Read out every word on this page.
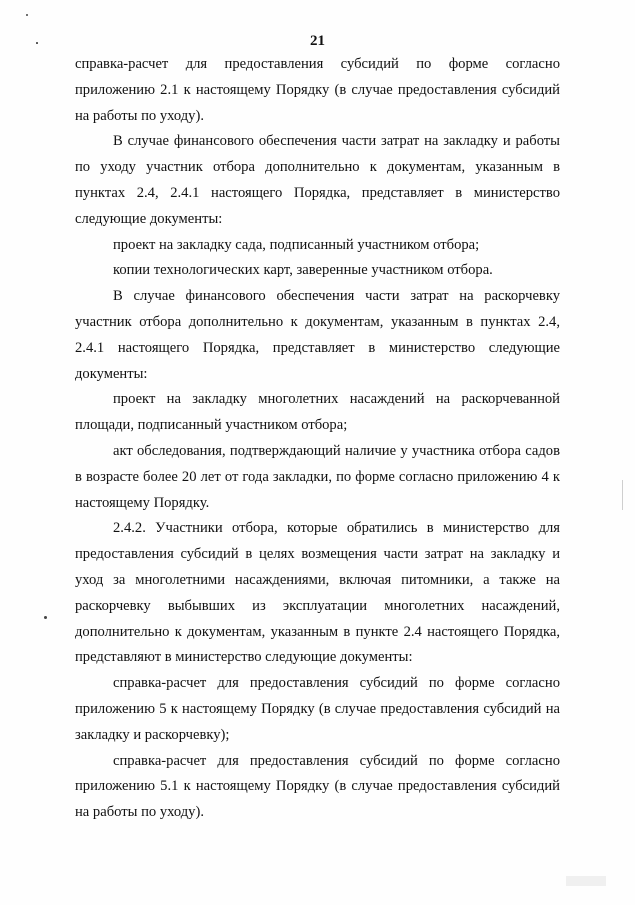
21

справка-расчет для предоставления субсидий по форме согласно приложению 2.1 к настоящему Порядку (в случае предоставления субсидий на работы по уходу).

В случае финансового обеспечения части затрат на закладку и работы по уходу участник отбора дополнительно к документам, указанным в пунктах 2.4, 2.4.1 настоящего Порядка, представляет в министерство следующие документы:

проект на закладку сада, подписанный участником отбора;

копии технологических карт, заверенные участником отбора.

В случае финансового обеспечения части затрат на раскорчевку участник отбора дополнительно к документам, указанным в пунктах 2.4, 2.4.1 настоящего Порядка, представляет в министерство следующие документы:

проект на закладку многолетних насаждений на раскорчеванной площади, подписанный участником отбора;

акт обследования, подтверждающий наличие у участника отбора садов в возрасте более 20 лет от года закладки, по форме согласно приложению 4 к настоящему Порядку.

2.4.2. Участники отбора, которые обратились в министерство для предоставления субсидий в целях возмещения части затрат на закладку и уход за многолетними насаждениями, включая питомники, а также на раскорчевку выбывших из эксплуатации многолетних насаждений, дополнительно к документам, указанным в пункте 2.4 настоящего Порядка, представляют в министерство следующие документы:

справка-расчет для предоставления субсидий по форме согласно приложению 5 к настоящему Порядку (в случае предоставления субсидий на закладку и раскорчевку);

справка-расчет для предоставления субсидий по форме согласно приложению 5.1 к настоящему Порядку (в случае предоставления субсидий на работы по уходу).
